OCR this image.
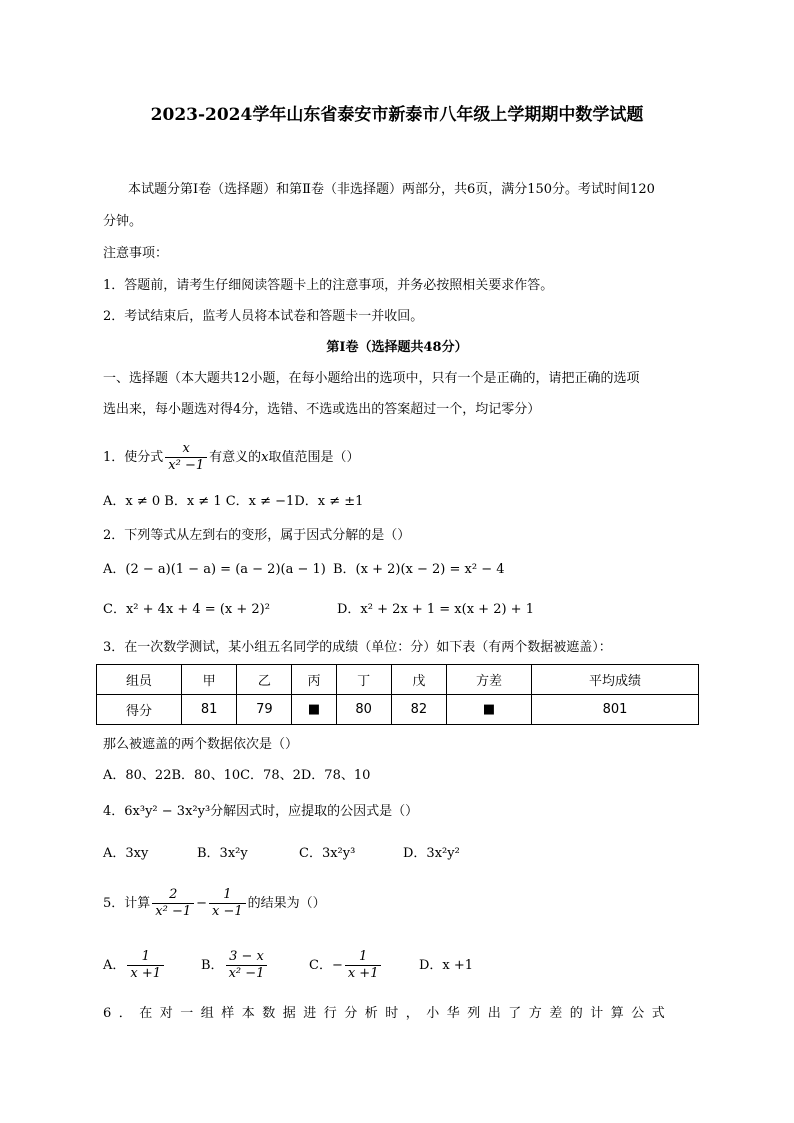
2023-2024学年山东省泰安市新泰市八年级上学期期中数学试题
本试题分第Ⅰ卷（选择题）和第Ⅱ卷（非选择题）两部分，共6页，满分150分。考试时间120
分钟。
注意事项：
1．答题前，请考生仔细阅读答题卡上的注意事项，并务必按照相关要求作答。
2．考试结束后，监考人员将本试卷和答题卡一并收回。
第Ⅰ卷（选择题共48分）
一、选择题（本大题共12小题，在每小题给出的选项中，只有一个是正确的，请把正确的选项
选出来，每小题选对得4分，选错、不选或选出的答案超过一个，均记零分）
1．使分式 $\frac{x}{\text{x² −1}}$ 有意义的x取值范围是（）
A．x ≠ 0 B．x ≠ 1 C．x ≠ −1D．x ≠ ±1
2．下列等式从左到右的变形，属于因式分解的是（）
A．(2 − a)(1 − a) = (a − 2)(a − 1) B．(x + 2)(x − 2) = x² − 4
C．x² + 4x + 4 = (x + 2)²	D．x² + 2x + 1 = x(x + 2) + 1
3．在一次数学测试，某小组五名同学的成绩（单位：分）如下表（有两个数据被遮盖）：
组员	甲	乙	丙	丁	戊	方差	平均成绩
得分	81	79	■	80	82	■	801
那么被遮盖的两个数据依次是（）
A．80、22B．80、10C．78、2D．78、10
4．6x³y² − 3x²y³分解因式时，应提取的公因式是（）
A．3xy	B．3x²y	C．3x²y³	D．3x²y²
5．计算 $\frac{2}{\text{x² −1}} - \frac{1}{x -1}$ 的结果为（）
A． $\frac{1}{x +1}$	B． $\frac{3 - x}{\text{x² −1}}$	C．− $\frac{1}{x +1}$	D．x +1
6．在对一组样本数据进行分析时，小华列出了方差的计算公式
